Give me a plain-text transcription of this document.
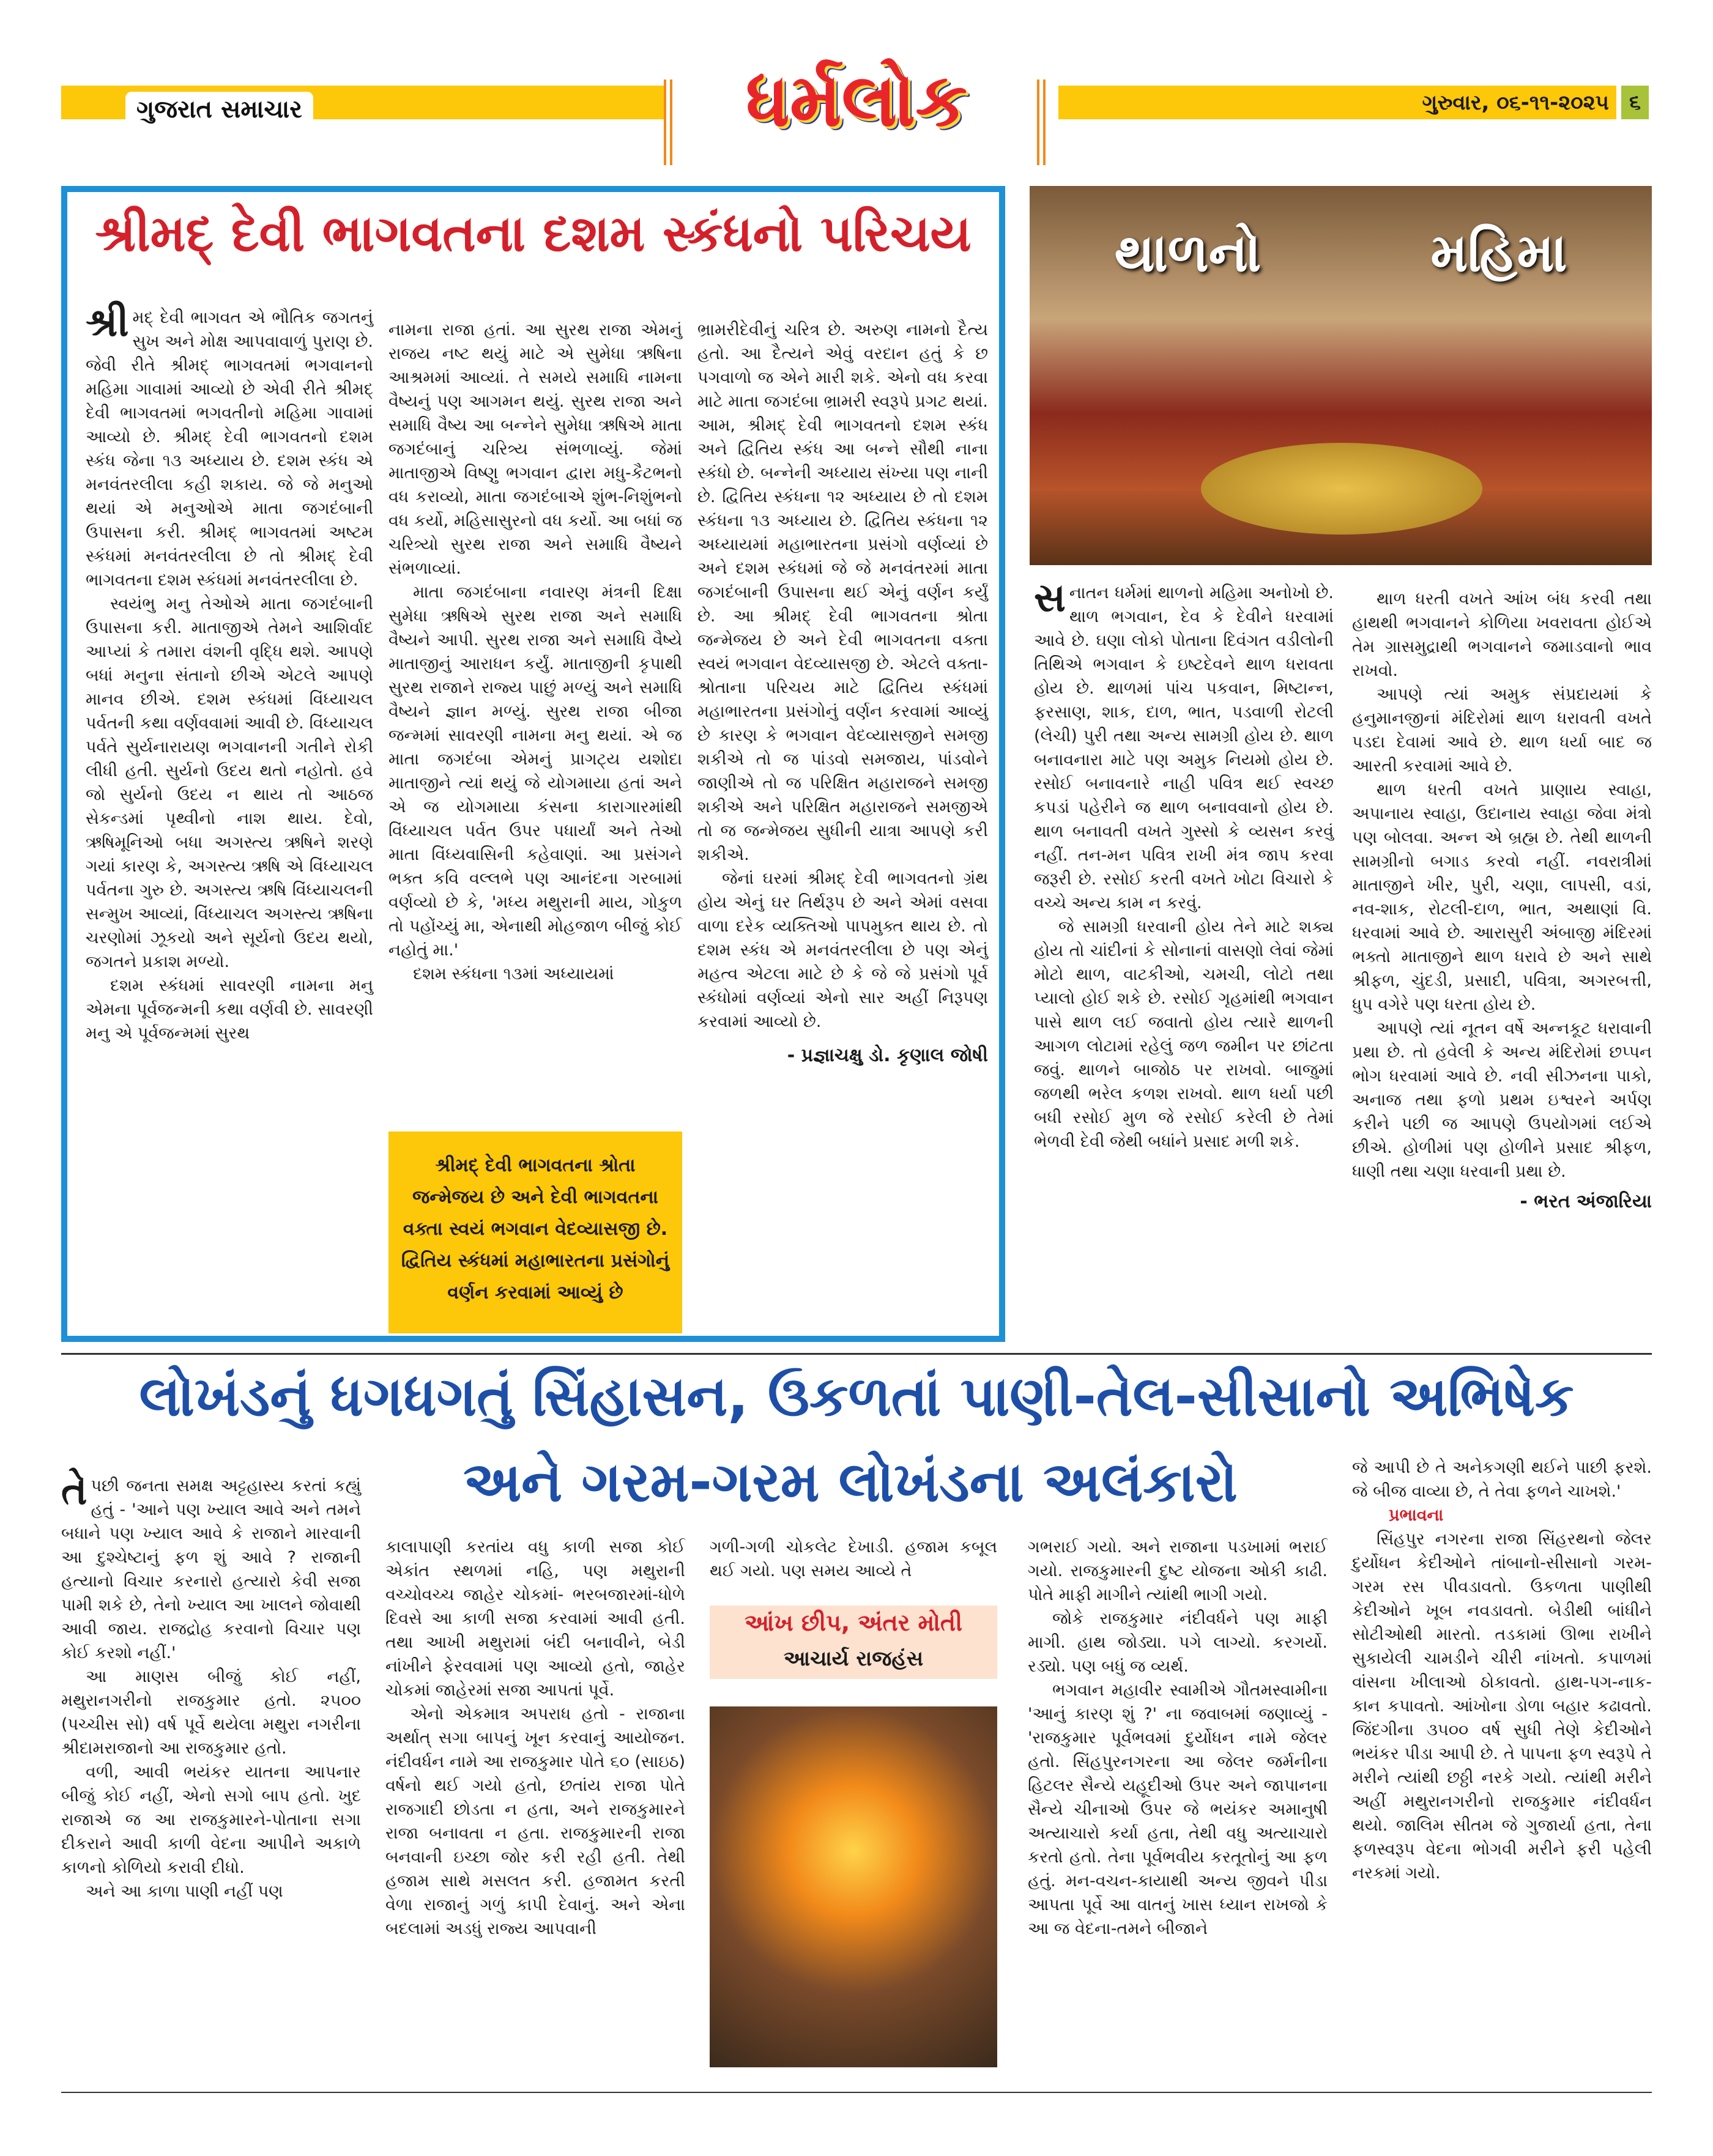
ગુજરાત સમાચાર	ધર્મલોક	ગુરુવાર, ૦૬-૧૧-૨૦૨૫ ૬
શ્રીમદ્ દેવી ભાગવતના દશમ સ્કંધનો પરિચય
શ્રી મદ્ દેવી ભાગવત એ ભૌતિક જગતનું સુખ અને મોક્ષ આપવાવાળું પુરાણ છે. જેવી રીતે શ્રીમદ્ ભાગવતમાં ભગવાનનો મહિમા ગાવામાં આવ્યો છે એવી રીતે શ્રીમદ્ દેવી ભાગવતમાં ભગવતીનો મહિમા ગાવામાં આવ્યો છે. શ્રીમદ્ દેવી ભાગવતનો દશમ સ્કંધ જેના ૧૩ અધ્યાય છે. દશમ સ્કંધ એ મનવંતરલીલા કહી શકાય. જે જે મનુઓ થયાં એ મનુઓએ માતા જગદંબાની ઉપાસના કરી. શ્રીમદ્ ભાગવતમાં અષ્ટમ સ્કંધમાં મનવંતરલીલા છે તો શ્રીમદ્ દેવી ભાગવતના દશમ સ્કંધમાં મનવંતરલીલા છે.

સ્વયંભુ મનુ તેઓએ માતા જગદંબાની ઉપાસના કરી. માતાજીએ તેમને આશિર્વાદ આપ્યાં કે તમારા વંશની વૃદ્ધિ થશે. આપણે બધાં મનુના સંતાનો છીએ એટલે આપણે માનવ છીએ. દશમ સ્કંધમાં વિંધ્યાચલ પર્વતની કથા વર્ણવવામાં આવી છે. વિંધ્યાચલ પર્વતે સુર્યનારાયણ ભગવાનની ગતીને રોકી લીધી હતી. સુર્યનો ઉદય થતો નહોતો. હવે જો સુર્યનો ઉદય ન થાય તો આઠજ સેકન્ડમાં પૃથ્વીનો નાશ થાય. દેવો, ઋષિમૂનિઓ બધા અગસ્ત્ય ઋષિને શરણે ગયાં કારણ કે, અગસ્ત્ય ઋષિ એ વિંધ્યાચલ પર્વતના ગુરુ છે. અગસ્ત્ય ઋષિ વિંધ્યાચલની સન્મુખ આવ્યાં, વિંધ્યાચલ અગસ્ત્ય ઋષિના ચરણોમાં ઝૂકયો અને સૂર્યનો ઉદય થયો, જગતને પ્રકાશ મળ્યો.

દશમ સ્કંધમાં સાવરણી નામના મનુ એમના પૂર્વજન્મની કથા વર્ણવી છે. સાવરણી મનુ એ પૂર્વજન્મમાં સુરથ

નામના રાજા હતાં. આ સુરથ રાજા એમનું રાજય નષ્ટ થયું માટે એ સુમેધા ઋષિના આશ્રમમાં આવ્યાં. તે સમયે સમાધિ નામના વૈષ્યનું પણ આગમન થયું. સુરથ રાજા અને સમાધિ વૈષ્ય આ બન્નેને સુમેધા ઋષિએ માતા જગદંબાનું ચરિત્ર્ય સંભળાવ્યું. જેમાં માતાજીએ વિષ્ણુ ભગવાન દ્વારા મધુ-કૈટભનો વધ કરાવ્યો, માતા જગદંબાએ શુંભ-નિશુંભનો વધ કર્યો, મહિસાસુરનો વધ કર્યો. આ બધાં જ ચરિત્ર્યો સુરથ રાજા અને સમાધિ વૈષ્યને સંભળાવ્યાં.

માતા જગદંબાના નવારણ મંત્રની દિક્ષા સુમેધા ઋષિએ સુરથ રાજા અને સમાધિ વૈષ્યને આપી. સુરથ રાજા અને સમાધિ વૈષ્યે માતાજીનું આરાધન કર્યું. માતાજીની કૃપાથી સુરથ રાજાને રાજ્ય પાછું મળ્યું અને સમાધિ વૈષ્યને જ્ઞાન મળ્યું. સુરથ રાજા બીજા જન્મમાં સાવરણી નામના મનુ થયાં. એ જ માતા જગદંબા એમનું પ્રાગટ્ય યશોદા માતાજીને ત્યાં થયું જે યોગમાયા હતાં અને એ જ યોગમાયા કંસના કારાગારમાંથી વિંધ્યાચલ પર્વત ઉપર પધાર્યાં અને તેઓ માતા વિંધ્યવાસિની કહેવાણાં. આ પ્રસંગને ભક્ત કવિ વલ્લભે પણ આનંદના ગરબામાં વર્ણવ્યો છે કે, 'મધ્ય મથુરાની માય, ગોકુળ તો પહોંચ્યું મા, એનાથી મોહજાળ બીજું કોઈ નહોતું મા.'

દશમ સ્કંધના ૧૩માં અધ્યાયમાં

શ્રીમદ્ દેવી ભાગવતના શ્રોતા જન્મેજય છે અને દેવી ભાગવતના વક્તા સ્વયં ભગવાન વેદવ્યાસજી છે. દ્વિતિય સ્કંધમાં મહાભારતના પ્રસંગોનું વર્ણન કરવામાં આવ્યું છે

ભ્રામરીદેવીનું ચરિત્ર છે. અરુણ નામનો દૈત્ય હતો. આ દૈત્યને એવું વરદાન હતું કે છ પગવાળો જ એને મારી શકે. એનો વધ કરવા માટે માતા જગદંબા ભ્રામરી સ્વરૂપે પ્રગટ થયાં. આમ, શ્રીમદ્ દેવી ભાગવતનો દશમ સ્કંધ અને દ્વિતિય સ્કંધ આ બન્ને સૌથી નાના સ્કંધો છે. બન્નેની અધ્યાય સંખ્યા પણ નાની છે. દ્વિતિય સ્કંધના ૧૨ અધ્યાય છે તો દશમ સ્કંધના ૧૩ અધ્યાય છે. દ્વિતિય સ્કંધના ૧૨ અધ્યાયમાં મહાભારતના પ્રસંગો વર્ણવ્યાં છે અને દશમ સ્કંધમાં જે જે મનવંતરમાં માતા જગદંબાની ઉપાસના થઈ એનું વર્ણન કર્યું છે. આ શ્રીમદ્ દેવી ભાગવતના શ્રોતા જન્મેજય છે અને દેવી ભાગવતના વક્તા સ્વયં ભગવાન વેદવ્યાસજી છે. એટલે વક્તા-શ્રોતાના પરિચય માટે દ્વિતિય સ્કંધમાં મહાભારતના પ્રસંગોનું વર્ણન કરવામાં આવ્યું છે કારણ કે ભગવાન વેદવ્યાસજીને સમજી શકીએ તો જ પાંડવો સમજાય, પાંડવોને જાણીએ તો જ પરિક્ષિત મહારાજને સમજી શકીએ અને પરિક્ષિત મહારાજને સમજીએ તો જ જન્મેજય સુધીની યાત્રા આપણે કરી શકીએ.

જેનાં ઘરમાં શ્રીમદ્ દેવી ભાગવતનો ગ્રંથ હોય એનું ઘર તિર્થરૂપ છે અને એમાં વસવા વાળા દરેક વ્યક્તિઓ પાપમુક્ત થાય છે. તો દશમ સ્કંધ એ મનવંતરલીલા છે પણ એનું મહત્વ એટલા માટે છે કે જે જે પ્રસંગો પૂર્વ સ્કંધોમાં વર્ણવ્યાં એનો સાર અહીં નિરૂપણ કરવામાં આવ્યો છે.

- પ્રજ્ઞાચક્ષુ ડો. કૃણાલ જોષી
થાળનો	મહિમા
સ નાતન ધર્મમાં થાળનો મહિમા અનોખો છે. થાળ ભગવાન, દેવ કે દેવીને ધરવામાં આવે છે. ઘણા લોકો પોતાના દિવંગત વડીલોની તિથિએ ભગવાન કે ઇષ્ટદેવને થાળ ધરાવતા હોય છે. થાળમાં પાંચ પકવાન, મિષ્ટાન્ન, ફરસાણ, શાક, દાળ, ભાત, પડવાળી રોટલી (લેચી) પુરી તથા અન્ય સામગ્રી હોય છે. થાળ બનાવનારા માટે પણ અમુક નિયમો હોય છે. રસોઈ બનાવનારે નાહી પવિત્ર થઈ સ્વચ્છ કપડાં પહેરીને જ થાળ બનાવવાનો હોય છે. થાળ બનાવતી વખતે ગુસ્સો કે વ્યસન કરવું નહીં. તન-મન પવિત્ર રાખી મંત્ર જાપ કરવા જરૂરી છે. રસોઈ કરતી વખતે ખોટા વિચારો કે વચ્ચે અન્ય કામ ન કરવું.

જે સામગ્રી ધરવાની હોય તેને માટે શક્ય હોય તો ચાંદીનાં કે સોનાનાં વાસણો લેવાં જેમાં મોટો થાળ, વાટકીઓ, ચમચી, લોટો તથા પ્યાલો હોઈ શકે છે. રસોઈ ગૃહમાંથી ભગવાન પાસે થાળ લઈ જવાતો હોય ત્યારે થાળની આગળ લોટામાં રહેલું જળ જમીન પર છાંટતા જવું. થાળને બાજોઠ પર રાખવો. બાજુમાં જળથી ભરેલ કળશ રાખવો. થાળ ધર્યા પછી બધી રસોઈ મુળ જે રસોઈ કરેલી છે તેમાં ભેળવી દેવી જેથી બધાંને પ્રસાદ મળી શકે.

થાળ ધરતી વખતે આંખ બંધ કરવી તથા હાથથી ભગવાનને કોળિયા ખવરાવતા હોઈએ તેમ ગ્રાસમુદ્રાથી ભગવાનને જમાડવાનો ભાવ રાખવો.

આપણે ત્યાં અમુક સંપ્રદાયમાં કે હનુમાનજીનાં મંદિરોમાં થાળ ધરાવતી વખતે પડદા દેવામાં આવે છે. થાળ ધર્યા બાદ જ આરતી કરવામાં આવે છે.

થાળ ધરતી વખતે પ્રાણાય સ્વાહા, અપાનાય સ્વાહા, ઉદાનાય સ્વાહા જેવા મંત્રો પણ બોલવા. અન્ન એ બ્રહ્મ છે. તેથી થાળની સામગ્રીનો બગાડ કરવો નહીં. નવરાત્રીમાં માતાજીને ખીર, પુરી, ચણા, લાપસી, વડાં, નવ-શાક, રોટલી-દાળ, ભાત, અથાણાં વિ. ધરવામાં આવે છે. આરાસુરી અંબાજી મંદિરમાં ભક્તો માતાજીને થાળ ધરાવે છે અને સાથે શ્રીફળ, ચુંદડી, પ્રસાદી, પવિત્રા, અગરબત્તી, ધુપ વગેરે પણ ધરતા હોય છે.

આપણે ત્યાં નૂતન વર્ષે અન્નકૂટ ધરાવાની પ્રથા છે. તો હવેલી કે અન્ય મંદિરોમાં છપ્પન ભોગ ધરવામાં આવે છે. નવી સીઝનના પાકો, અનાજ તથા ફળો પ્રથમ ઇશ્વરને અર્પણ કરીને પછી જ આપણે ઉપયોગમાં લઈએ છીએ. હોળીમાં પણ હોળીને પ્રસાદ શ્રીફળ, ધાણી તથા ચણા ધરવાની પ્રથા છે.

- ભરત અંજારિયા
લોખંડનું ધગધગતું સિંહાસન, ઉકળતાં પાણી-તેલ-સીસાનો અભિષેક
અને ગરમ-ગરમ લોખંડના અલંકારો
તે પછી જનતા સમક્ષ અટ્ટહાસ્ય કરતાં કહ્યું હતું - 'આને પણ ખ્યાલ આવે અને તમને બધાને પણ ખ્યાલ આવે કે રાજાને મારવાની આ દુશ્ચેષ્ટાનું ફળ શું આવે ? રાજાની હત્યાનો વિચાર કરનારો હત્યારો કેવી સજા પામી શકે છે, તેનો ખ્યાલ આ ખાલને જોવાથી આવી જાય. રાજદ્રોહ કરવાનો વિચાર પણ કોઈ કરશો નહીં.'

આ માણસ બીજું કોઈ નહીં, મથુરાનગરીનો રાજકુમાર હતો. ૨૫૦૦ (પચ્ચીસ સો) વર્ષ પૂર્વે થયેલા મથુરા નગરીના શ્રીદામરાજાનો આ રાજકુમાર હતો.

વળી, આવી ભયંકર યાતના આપનાર બીજું કોઈ નહીં, એનો સગો બાપ હતો. ખુદ રાજાએ જ આ રાજકુમારને-પોતાના સગા દીકરાને આવી કાળી વેદના આપીને અકાળે કાળનો કોળિયો કરાવી દીધો.

અને આ કાળા પાણી નહીં પણ

કાલાપાણી કરતાંય વધુ કાળી સજા કોઈ એકાંત સ્થળમાં નહિ, પણ મથુરાની વચ્ચોવચ્ચ જાહેર ચોકમાં- ભરબજારમાં-ધોળે દિવસે આ કાળી સજા કરવામાં આવી હતી. તથા આખી મથુરામાં બંદી બનાવીને, બેડી નાંખીને ફેરવવામાં પણ આવ્યો હતો, જાહેર ચોકમાં જાહેરમાં સજા આપતાં પૂર્વે.

એનો એકમાત્ર અપરાધ હતો - રાજાના અર્થાત્ સગા બાપનું ખૂન કરવાનું આયોજન. નંદીવર્ધન નામે આ રાજકુમાર પોતે ૬૦ (સાઇઠ) વર્ષનો થઈ ગયો હતો, છતાંય રાજા પોતે રાજગાદી છોડતા ન હતા, અને રાજકુમારને રાજા બનાવતા ન હતા. રાજકુમારની રાજા બનવાની ઇચ્છા જોર કરી રહી હતી. તેથી હજામ સાથે મસલત કરી. હજામત કરતી વેળા રાજાનું ગળું કાપી દેવાનું. અને એના બદલામાં અડધું રાજ્ય આપવાની

ગળી-ગળી ચોકલેટ દેખાડી. હજામ કબૂલ થઈ ગયો. પણ સમય આવ્યે તે

આંખ છીપ, અંતર મોતી
આચાર્ય રાજહંસ

ગભરાઈ ગયો. અને રાજાના પડખામાં ભરાઈ ગયો. રાજકુમારની દુષ્ટ યોજના ઓકી કાઢી. પોતે માફી માગીને ત્યાંથી ભાગી ગયો.

જોકે રાજકુમાર નંદીવર્ધને પણ માફી માગી. હાથ જોડ્યા. પગે લાગ્યો. કરગર્યો. રડ્યો. પણ બધું જ વ્યર્થ.

ભગવાન મહાવીર સ્વામીએ ગૌતમસ્વામીના 'આનું કારણ શું ?' ના જવાબમાં જણાવ્યું - 'રાજકુમાર પૂર્વભવમાં દુર્યોધન નામે જેલર હતો. સિંહપુરનગરના આ જેલર જર્મનીના હિટલર સૈન્યે યહૂદીઓ ઉપર અને જાપાનના સૈન્યે ચીનાઓ ઉપર જે ભયંકર અમાનુષી અત્યાચારો કર્યા હતા, તેથી વધુ અત્યાચારો કરતો હતો. તેના પૂર્વભવીય કરતૂતોનું આ ફળ હતું. મન-વચન-કાયાથી અન્ય જીવને પીડા આપતા પૂર્વે આ વાતનું ખાસ ધ્યાન રાખજો કે આ જ વેદના-તમને બીજાને

જે આપી છે તે અનેકગણી થઈને પાછી ફરશે. જે બીજ વાવ્યા છે, તે તેવા ફળને ચાખશે.'

પ્રભાવના

સિંહપુર નગરના રાજા સિંહરથનો જેલર દુર્યોધન કેદીઓને તાંબાનો-સીસાનો ગરમ-ગરમ રસ પીવડાવતો. ઉકળતા પાણીથી કેદીઓને ખૂબ નવડાવતો. બેડીથી બાંધીને સોટીઓથી મારતો. તડકામાં ઊભા રાખીને સુકાયેલી ચામડીને ચીરી નાંખતો. કપાળમાં વાંસના ખીલાઓ ઠોકાવતો. હાથ-પગ-નાક-કાન કપાવતો. આંખોના ડોળા બહાર કઢાવતો. જિંદગીના ૩૫૦૦ વર્ષ સુધી તેણે કેદીઓને ભયંકર પીડા આપી છે. તે પાપના ફળ સ્વરૂપે તે મરીને ત્યાંથી છઠ્ઠી નરકે ગયો. ત્યાંથી મરીને અહીં મથુરાનગરીનો રાજકુમાર નંદીવર્ધન થયો. જાલિમ સીતમ જે ગુજાર્યા હતા, તેના ફળસ્વરૂપ વેદના ભોગવી મરીને ફરી પહેલી નરકમાં ગયો.
